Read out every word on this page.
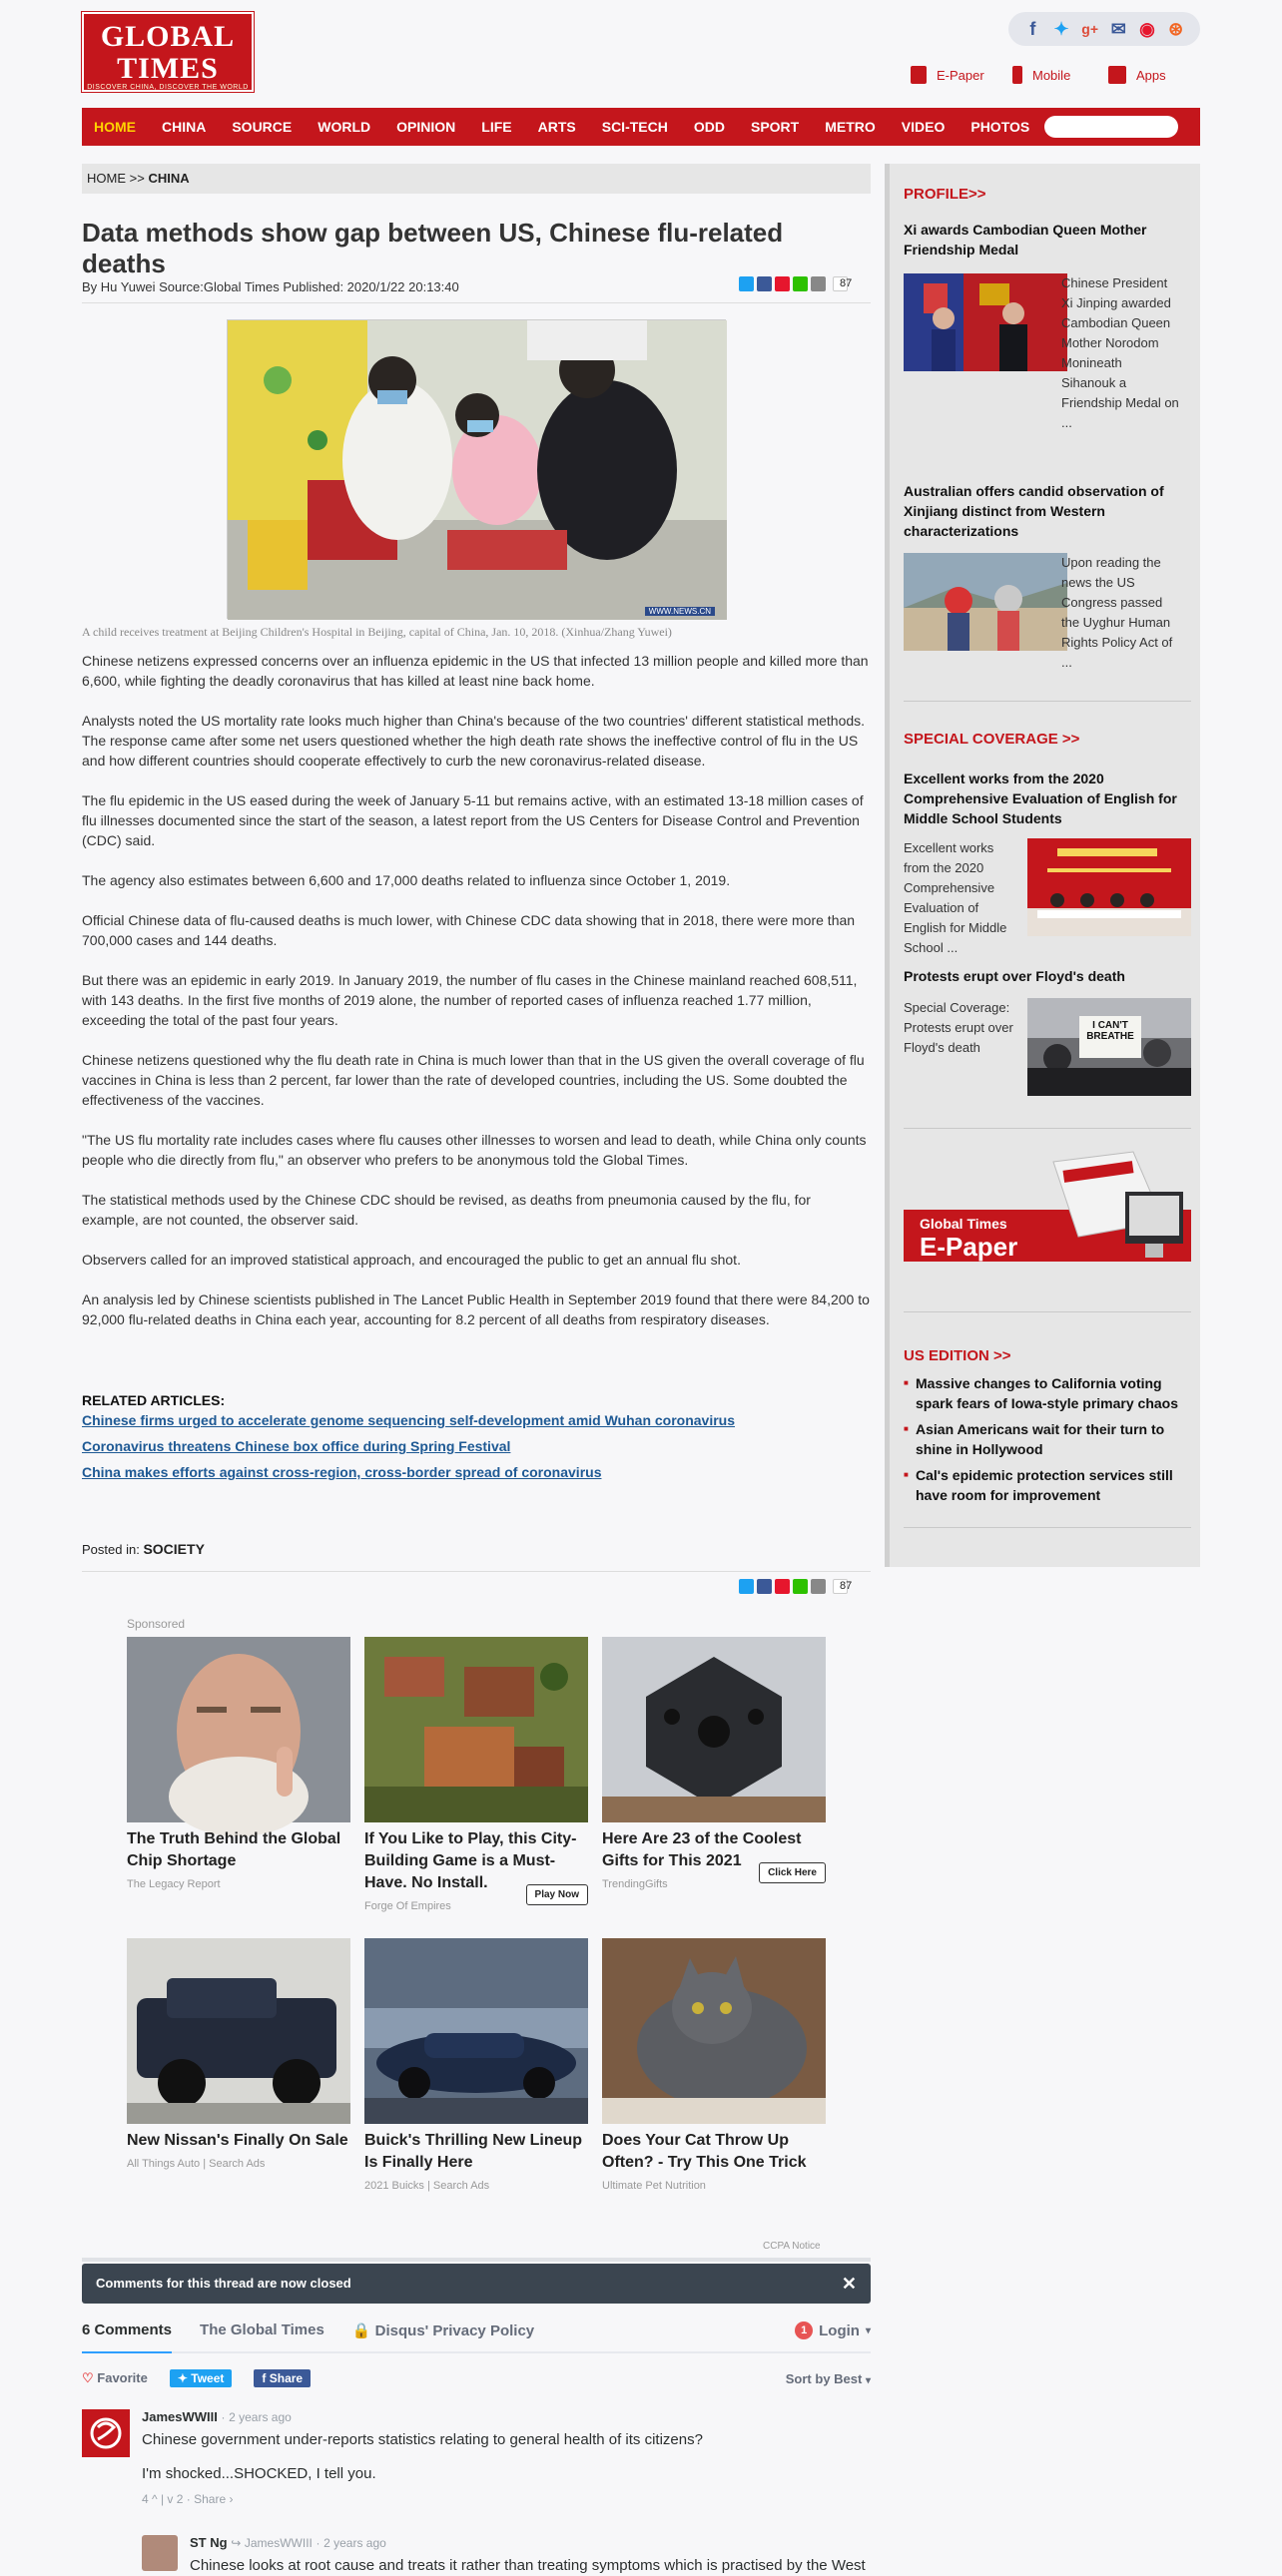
GLOBAL
TIMES
DISCOVER CHINA, DISCOVER THE WORLD
f	✦ g+ ✉ ◉ ⊛
E-Paper	Mobile	Apps
HOME CHINA SOURCE WORLD OPINION LIFE ARTS SCI-TECH ODD SPORT METRO VIDEO PHOTOS
HOME >> CHINA
Data methods show gap between US, Chinese flu-related deaths
By Hu Yuwei Source:Global Times Published: 2020/1/22 20:13:40	87
WWW.NEWS.CN
A child receives treatment at Beijing Children's Hospital in Beijing, capital of China, Jan. 10, 2018. (Xinhua/Zhang Yuwei)

Chinese netizens expressed concerns over an influenza epidemic in the US that infected 13 million people and killed more than 6,600, while fighting the deadly coronavirus that has killed at least nine back home.

Analysts noted the US mortality rate looks much higher than China's because of the two countries' different statistical methods. The response came after some net users questioned whether the high death rate shows the ineffective control of flu in the US and how different countries should cooperate effectively to curb the new coronavirus-related disease.

The flu epidemic in the US eased during the week of January 5-11 but remains active, with an estimated 13-18 million cases of flu illnesses documented since the start of the season, a latest report from the US Centers for Disease Control and Prevention (CDC) said.

The agency also estimates between 6,600 and 17,000 deaths related to influenza since October 1, 2019.

Official Chinese data of flu-caused deaths is much lower, with Chinese CDC data showing that in 2018, there were more than 700,000 cases and 144 deaths.

But there was an epidemic in early 2019. In January 2019, the number of flu cases in the Chinese mainland reached 608,511, with 143 deaths. In the first five months of 2019 alone, the number of reported cases of influenza reached 1.77 million, exceeding the total of the past four years.

Chinese netizens questioned why the flu death rate in China is much lower than that in the US given the overall coverage of flu vaccines in China is less than 2 percent, far lower than the rate of developed countries, including the US. Some doubted the effectiveness of the vaccines.

"The US flu mortality rate includes cases where flu causes other illnesses to worsen and lead to death, while China only counts people who die directly from flu," an observer who prefers to be anonymous told the Global Times.

The statistical methods used by the Chinese CDC should be revised, as deaths from pneumonia caused by the flu, for example, are not counted, the observer said.

Observers called for an improved statistical approach, and encouraged the public to get an annual flu shot.

An analysis led by Chinese scientists published in The Lancet Public Health in September 2019 found that there were 84,200 to 92,000 flu-related deaths in China each year, accounting for 8.2 percent of all deaths from respiratory diseases.

RELATED ARTICLES:
Chinese firms urged to accelerate genome sequencing self-development amid Wuhan coronavirus
Coronavirus threatens Chinese box office during Spring Festival
China makes efforts against cross-region, cross-border spread of coronavirus
Posted in: SOCIETY
87
Sponsored
The Truth Behind the Global Chip Shortage
The Legacy Report
If You Like to Play, this City-Building Game is a Must-Have. No Install.
Forge Of Empires
Play Now
Here Are 23 of the Coolest Gifts for This 2021
TrendingGifts
Click Here
New Nissan's Finally On Sale
All Things Auto | Search Ads
Buick's Thrilling New Lineup Is Finally Here
2021 Buicks | Search Ads
Does Your Cat Throw Up Often? - Try This One Trick
Ultimate Pet Nutrition
CCPA Notice
Comments for this thread are now closed	✕
6 Comments The Global Times 🔒 Disqus' Privacy Policy	1 Login ▾
♡ Favorite	✦ Tweet	f Share	Sort by Best ▾
JamesWWIII · 2 years ago
Chinese government under-reports statistics relating to general health of its citizens?
I'm shocked...SHOCKED, I tell you.
4 ^ | v 2 · Share ›
ST Ng ↪ JamesWWIII · 2 years ago
Chinese looks at root cause and treats it rather than treating symptoms which is practised by the West
PROFILE>>
Xi awards Cambodian Queen Mother Friendship Medal
Chinese President Xi Jinping awarded Cambodian Queen Mother Norodom Monineath Sihanouk a Friendship Medal on ...
Australian offers candid observation of Xinjiang distinct from Western characterizations
Upon reading the news the US Congress passed the Uyghur Human Rights Policy Act of ...
SPECIAL COVERAGE >>
Excellent works from the 2020 Comprehensive Evaluation of English for Middle School Students
Excellent works from the 2020 Comprehensive Evaluation of English for Middle School ...
Protests erupt over Floyd's death
Special Coverage: Protests erupt over Floyd's death
I CAN'T BREATHE
Global Times
E-Paper
US EDITION >>
■ Massive changes to California voting spark fears of Iowa-style primary chaos
■ Asian Americans wait for their turn to shine in Hollywood
■ Cal's epidemic protection services still have room for improvement
